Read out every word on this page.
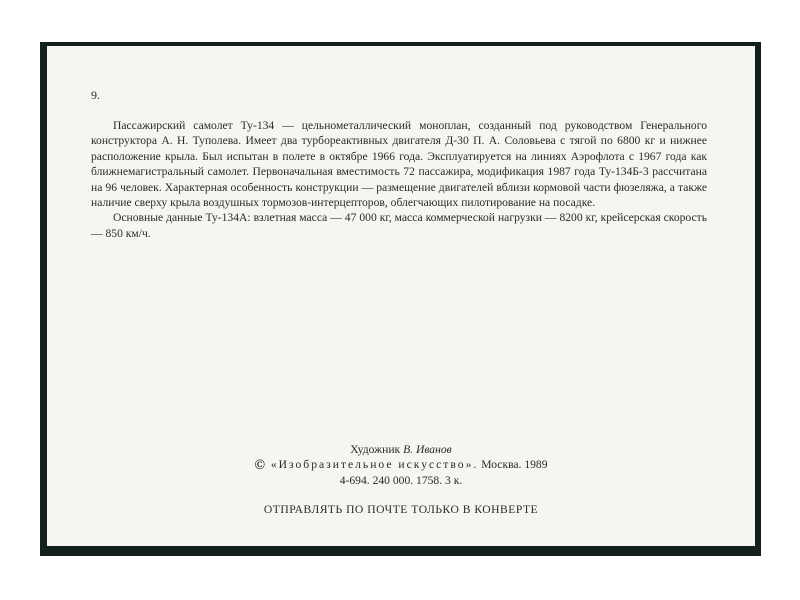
9.

Пассажирский самолет Ту-134 — цельнометаллический моноплан, созданный под руководством Генерального конструктора А. Н. Туполева. Имеет два турбореактивных двигателя Д-30 П. А. Соловьева с тягой по 6800 кг и нижнее расположение крыла. Был испытан в полете в октябре 1966 года. Эксплуатируется на линиях Аэрофлота с 1967 года как ближнемагистральный самолет. Первоначальная вместимость 72 пассажира, модификация 1987 года Ту-134Б-3 рассчитана на 96 человек. Характерная особенность конструкции — размещение двигателей вблизи кормовой части фюзеляжа, а также наличие сверху крыла воздушных тормозов-интерцепторов, облегчающих пилотирование на посадке.

Основные данные Ту-134А: взлетная масса — 47 000 кг, масса коммерческой нагрузки — 8200 кг, крейсерская скорость — 850 км/ч.

Художник В. Иванов
© «Изобразительное искусство». Москва. 1989
4-694. 240 000. 1758. 3 к.
ОТПРАВЛЯТЬ ПО ПОЧТЕ ТОЛЬКО В КОНВЕРТЕ
